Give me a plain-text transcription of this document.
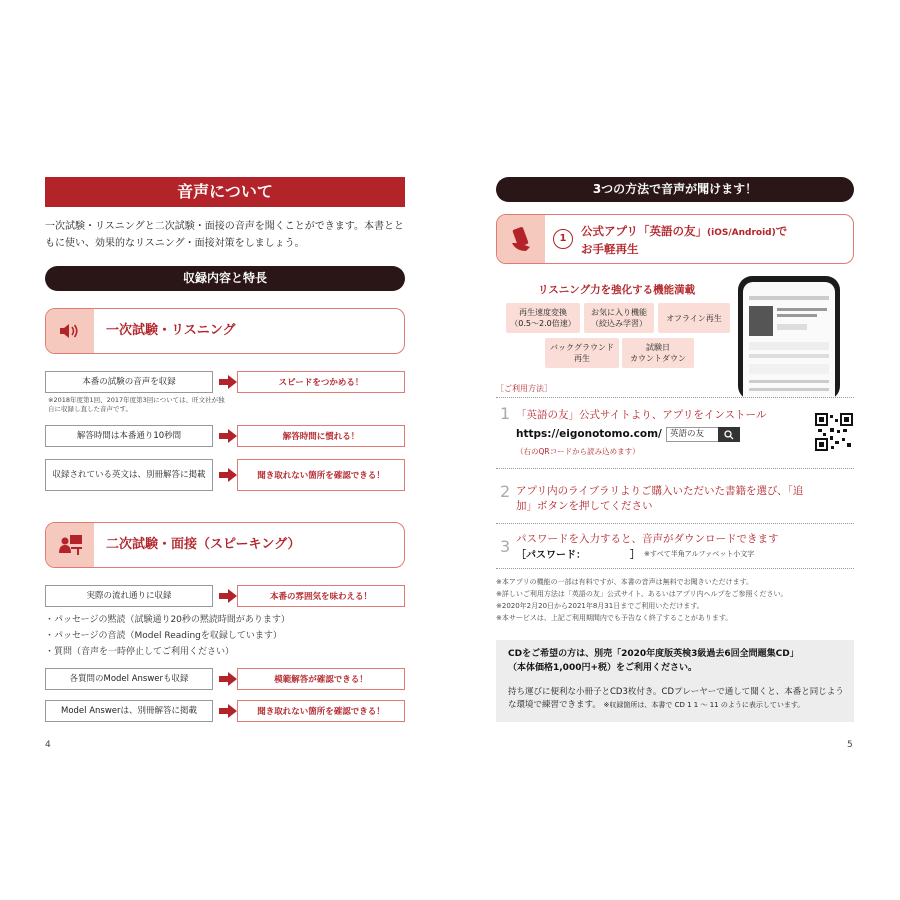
音声について
一次試験・リスニングと二次試験・面接の音声を聞くことができます。本書とともに使い、効果的なリスニング・面接対策をしましょう。
収録内容と特長
一次試験・リスニング
本番の試験の音声を収録	スピードをつかめる！
※2018年度第1回、2017年度第3回については、旺文社が独自に収録し直した音声です。
解答時間は本番通り10秒間	解答時間に慣れる！
収録されている英文は、別冊解答に掲載	聞き取れない箇所を確認できる！
二次試験・面接（スピーキング）
実際の流れ通りに収録	本番の雰囲気を味わえる！
・パッセージの黙読（試験通り20秒の黙読時間があります）
・パッセージの音読（Model Readingを収録しています）
・質問（音声を一時停止してご利用ください）
各質問のModel Answerも収録	模範解答が確認できる！
Model Answerは、別冊解答に掲載	聞き取れない箇所を確認できる！
4
3つの方法で音声が聞けます！
1
公式アプリ「英語の友」(iOS/Android)で
お手軽再生
リスニング力を強化する機能満載
再生速度変換
（0.5～2.0倍速）
お気に入り機能
（絞込み学習）
オフライン再生
バックグラウンド
再生
試験日
カウントダウン
［ご利用方法］
1 「英語の友」公式サイトより、アプリをインストール
https://eigonotomo.com/ 英語の友
（右のQRコードから読み込めます）
2 アプリ内のライブラリよりご購入いただいた書籍を選び、「追加」ボタンを押してください
3 パスワードを入力すると、音声がダウンロードできます
［パスワード：	］ ※すべて半角アルファベット小文字
※本アプリの機能の一部は有料ですが、本書の音声は無料でお聞きいただけます。
※詳しいご利用方法は「英語の友」公式サイト、あるいはアプリ内ヘルプをご参照ください。
※2020年2月20日から2021年8月31日までご利用いただけます。
※本サービスは、上記ご利用期間内でも予告なく終了することがあります。
CDをご希望の方は、別売「2020年度版英検3級過去6回全問題集CD」
（本体価格1,000円+税）をご利用ください。
持ち運びに便利な小冊子とCD3枚付き。CDプレーヤーで通して聞くと、本番と同じよう
な環境で練習できます。 ※収録箇所は、本書で CD 1 1 ～ 11 のように表示しています。
5
